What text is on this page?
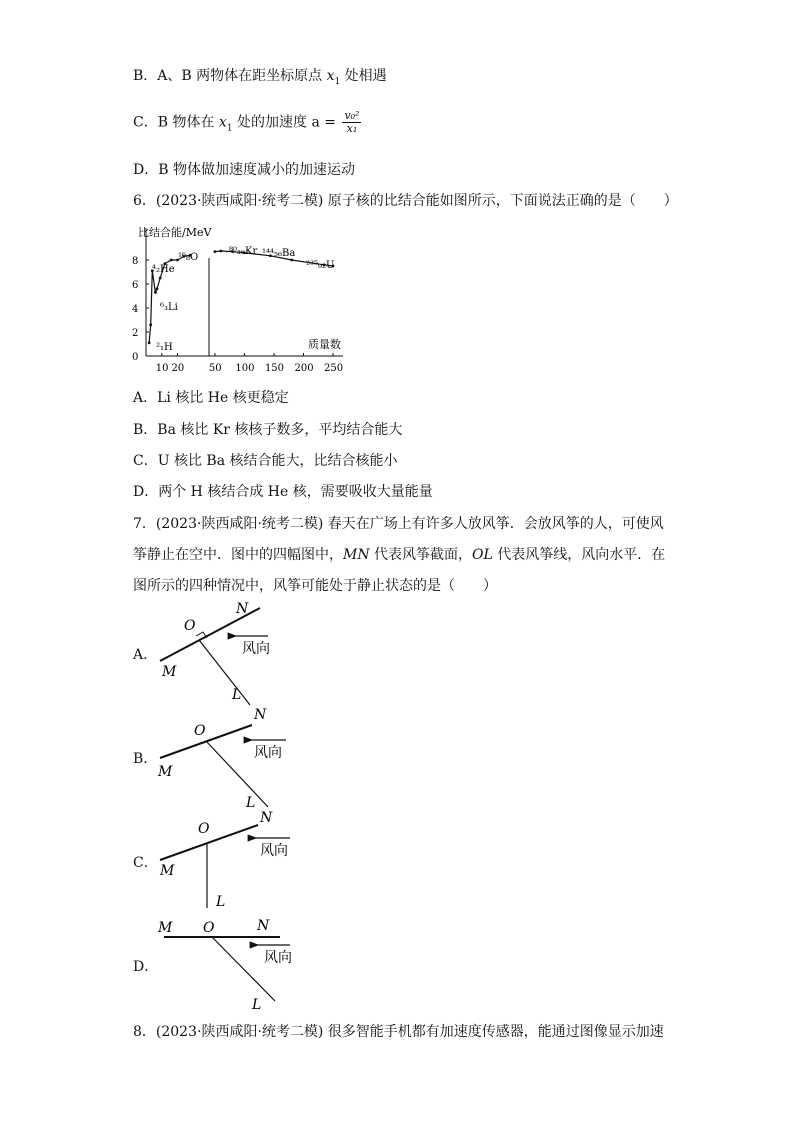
B．A、B 两物体在距坐标原点 $x_1$ 处相遇
C．B 物体在 $x_1$ 处的加速度 $a = \frac{\text{v₀²}}{\text{x₁}}$
D．B 物体做加速度减小的加速运动
6．(2023·陕西咸阳·统考二模) 原子核的比结合能如图所示，下面说法正确的是（　　）
0
2
4
6
8
10 20 50 100 150 200 250
比结合能/MeV
质量数
²₁H
⁶₃Li
⁴₂He
¹⁶₈O
⁸⁰₃₆Kr ¹⁴⁴₅₆Ba
²³⁵₉₂U
A．Li 核比 He 核更稳定
B．Ba 核比 Kr 核核子数多，平均结合能大
C．U 核比 Ba 核结合能大，比结合核能小
D．两个 H 核结合成 He 核，需要吸收大量能量
7．(2023·陕西咸阳·统考二模) 春天在广场上有许多人放风筝．会放风筝的人，可使风
筝静止在空中．图中的四幅图中，MN 代表风筝截面，OL 代表风筝线，风向水平．在
图所示的四种情况中，风筝可能处于静止状态的是（　　）
A．
B．
C．
D．
O
N
M
L
风向
O
N
M
L
风向
O
N
M
L
风向
M O	N
L
风向
8．(2023·陕西咸阳·统考二模) 很多智能手机都有加速度传感器，能通过图像显示加速
